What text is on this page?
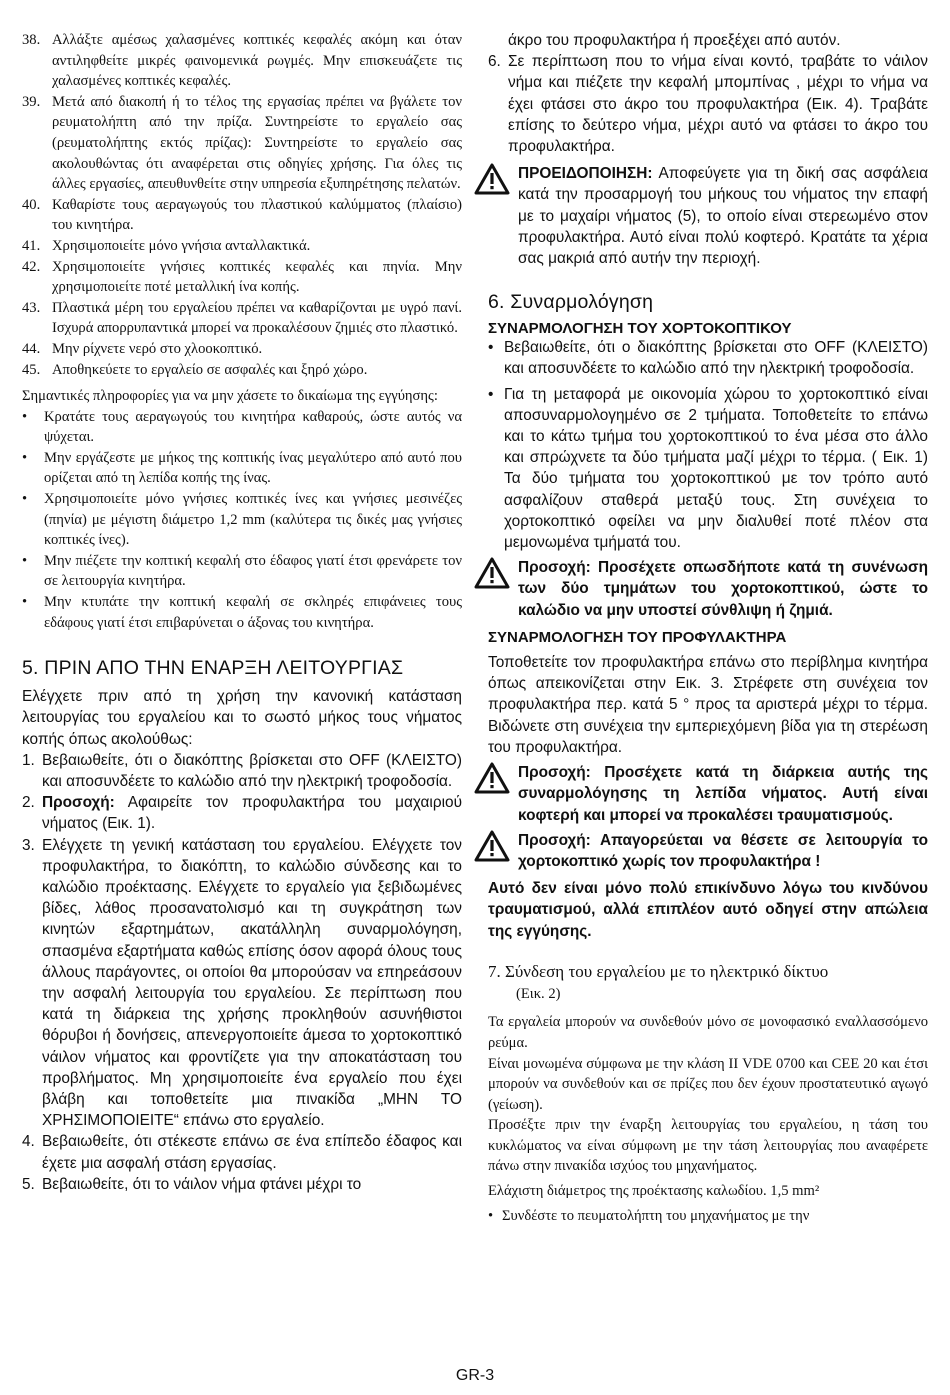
38. Αλλάξτε αμέσως χαλασμένες κοπτικές κεφαλές ακόμη και όταν αντιληφθείτε μικρές φαινομενικά ρωγμές. Μην επισκευάζετε τις χαλασμένες κοπτικές κεφαλές.
39. Μετά από διακοπή ή το τέλος της εργασίας πρέπει να βγάλετε τον ρευματολήπτη από την πρίζα. Συντηρείστε το εργαλείο σας (ρευματολήπτης εκτός πρίζας): Συντηρείστε το εργαλείο σας ακολουθώντας ότι αναφέρεται στις οδηγίες χρήσης. Για όλες τις άλλες εργασίες, απευθυνθείτε στην υπηρεσία εξυπηρέτησης πελατών.
40. Καθαρίστε τους αεραγωγούς του πλαστικού καλύμματος (πλαίσιο) του κινητήρα.
41. Χρησιμοποιείτε μόνο γνήσια ανταλλακτικά.
42. Χρησιμοποιείτε γνήσιες κοπτικές κεφαλές και πηνία. Μην χρησιμοποιείτε ποτέ μεταλλική ίνα κοπής.
43. Πλαστικά μέρη του εργαλείου πρέπει να καθαρίζονται με υγρό πανί. Ισχυρά απορρυπαντικά μπορεί να προκαλέσουν ζημιές στο πλαστικό.
44. Μην ρίχνετε νερό στο χλοοκοπτικό.
45. Αποθηκεύετε το εργαλείο σε ασφαλές και ξηρό χώρο.

Σημαντικές πληροφορίες για να μην χάσετε το δικαίωμα της εγγύησης:

•	Κρατάτε τους αεραγωγούς του κινητήρα καθαρούς, ώστε αυτός να ψύχεται.
•	Μην εργάζεστε με μήκος της κοπτικής ίνας μεγαλύτερο από αυτό που ορίζεται από τη λεπίδα κοπής της ίνας.
•	Χρησιμοποιείτε μόνο γνήσιες κοπτικές ίνες και γνήσιες μεσινέζες (πηνία) με μέγιστη διάμετρο 1,2 mm (καλύτερα τις δικές μας γνήσιες κοπτικές ίνες).
•	Μην πιέζετε την κοπτική κεφαλή στο έδαφος γιατί έτσι φρενάρετε τον σε λειτουργία κινητήρα.
•	Μην κτυπάτε την κοπτική κεφαλή σε σκληρές επιφάνειες τους εδάφους γιατί έτσι επιβαρύνεται ο άξονας του κινητήρα.
5. ΠΡΙΝ ΑΠΟ ΤΗΝ ΕΝΑΡΞΗ ΛΕΙΤΟΥΡΓΙΑΣ

Ελέγχετε πριν από τη χρήση την κανονική κατάσταση λειτουργίας του εργαλείου και το σωστό μήκος τους νήματος κοπής όπως ακολούθως:

1. Βεβαιωθείτε, ότι ο διακόπτης βρίσκεται στο OFF (ΚΛΕΙΣΤΟ) και αποσυνδέετε το καλώδιο από την ηλεκτρική τροφοδοσία.
2. Προσοχή: Αφαιρείτε τον προφυλακτήρα του μαχαιριού νήματος (Εικ. 1).
3. Ελέγχετε τη γενική κατάσταση του εργαλείου. Ελέγχετε τον προφυλακτήρα, το διακόπτη, το καλώδιο σύνδεσης και το καλώδιο προέκτασης. Ελέγχετε το εργαλείο για ξεβιδωμένες βίδες, λάθος προσανατολισμό και τη συγκράτηση των κινητών εξαρτημάτων, ακατάλληλη συναρμολόγηση, σπασμένα εξαρτήματα καθώς επίσης όσον αφορά όλους τους άλλους παράγοντες, οι οποίοι θα μπορούσαν να επηρεάσουν την ασφαλή λειτουργία του εργαλείου. Σε περίπτωση που κατά τη διάρκεια της χρήσης προκληθούν ασυνήθιστοι θόρυβοι ή δονήσεις, απενεργοποιείτε άμεσα το χορτοκοπτικό νάιλον νήματος και φροντίζετε για την αποκατάσταση του προβλήματος. Μη χρησιμοποιείτε ένα εργαλείο που έχει βλάβη και τοποθετείτε μια πινακίδα „ΜΗΝ ΤΟ ΧΡΗΣΙΜΟΠΟΙΕΙΤΕ“ επάνω στο εργαλείο.
4. Βεβαιωθείτε, ότι στέκεστε επάνω σε ένα επίπεδο έδαφος και έχετε μια ασφαλή στάση εργασίας.
5. Βεβαιωθείτε, ότι το νάιλον νήμα φτάνει μέχρι το
άκρο του προφυλακτήρα ή προεξέχει από αυτόν.
6. Σε περίπτωση που το νήμα είναι κοντό, τραβάτε το νάιλον νήμα και πιέζετε την κεφαλή μπομπίνας , μέχρι το νήμα να έχει φτάσει στο άκρο του προφυλακτήρα (Εικ. 4). Τραβάτε επίσης το δεύτερο νήμα, μέχρι αυτό να φτάσει το άκρο του προφυλακτήρα.
ΠΡΟΕΙΔΟΠΟΙΗΣΗ: Αποφεύγετε για τη δική σας ασφάλεια κατά την προσαρμογή του μήκους του νήματος την επαφή με το μαχαίρι νήματος (5), το οποίο είναι στερεωμένο στον προφυλακτήρα. Αυτό είναι πολύ κοφτερό. Κρατάτε τα χέρια σας μακριά από αυτήν την περιοχή.
6. Συναρμολόγηση
ΣΥΝΑΡΜΟΛΟΓΗΣΗ ΤΟΥ ΧΟΡΤΟΚΟΠΤΙΚΟΥ
• Βεβαιωθείτε, ότι ο διακόπτης βρίσκεται στο OFF (ΚΛΕΙΣΤΟ) και αποσυνδέετε το καλώδιο από την ηλεκτρική τροφοδοσία.
• Για τη μεταφορά με οικονομία χώρου το χορτοκοπτικό είναι αποσυναρμολογημένο σε 2 τμήματα. Τοποθετείτε το επάνω και το κάτω τμήμα του χορτοκοπτικού το ένα μέσα στο άλλο και σπρώχνετε τα δύο τμήματα μαζί μέχρι το τέρμα. ( Εικ. 1) Τα δύο τμήματα του χορτοκοπτικού με τον τρόπο αυτό ασφαλίζουν σταθερά μεταξύ τους. Στη συνέχεια το χορτοκοπτικό οφείλει να μην διαλυθεί ποτέ πλέον στα μεμονωμένα τμήματά του.
Προσοχή: Προσέχετε οπωσδήποτε κατά τη συνένωση των δύο τμημάτων του χορτοκοπτικού, ώστε το καλώδιο να μην υποστεί σύνθλιψη ή ζημιά.
ΣΥΝΑΡΜΟΛΟΓΗΣΗ ΤΟΥ ΠΡΟΦΥΛΑΚΤΗΡΑ

Τοποθετείτε τον προφυλακτήρα επάνω στο περίβλημα κινητήρα όπως απεικονίζεται στην Εικ. 3. Στρέφετε στη συνέχεια τον προφυλακτήρα περ. κατά 5 ° προς τα αριστερά μέχρι το τέρμα. Βιδώνετε στη συνέχεια την εμπεριεχόμενη βίδα για τη στερέωση του προφυλακτήρα.

Προσοχή: Προσέχετε κατά τη διάρκεια αυτής της συναρμολόγησης τη λεπίδα νήματος. Αυτή είναι κοφτερή και μπορεί να προκαλέσει τραυματισμούς.
Προσοχή: Απαγορεύεται να θέσετε σε λειτουργία το χορτοκοπτικό χωρίς τον προφυλακτήρα !

Αυτό δεν είναι μόνο πολύ επικίνδυνο λόγω του κινδύνου τραυματισμού, αλλά επιπλέον αυτό οδηγεί στην απώλεια της εγγύησης.

7. Σύνδεση του εργαλείου με το ηλεκτρικό δίκτυο
(Εικ. 2)

Τα εργαλεία μπορούν να συνδεθούν μόνο σε μονοφασικό εναλλασσόμενο ρεύμα.

Είναι μονωμένα σύμφωνα με την κλάση ΙΙ VDE 0700 και CEE 20 και έτσι μπορούν να συνδεθούν και σε πρίζες που δεν έχουν προστατευτικό αγωγό (γείωση).

Προσέξτε πριν την έναρξη λειτουργίας του εργαλείου, η τάση του κυκλώματος να είναι σύμφωνη με την τάση λειτουργίας που αναφέρετε πάνω στην πινακίδα ισχύος του μηχανήματος.

Ελάχιστη διάμετρος της προέκτασης καλωδίου. 1,5 mm²

• Συνδέστε το πευματολήπτη του μηχανήματος με την
GR-3
